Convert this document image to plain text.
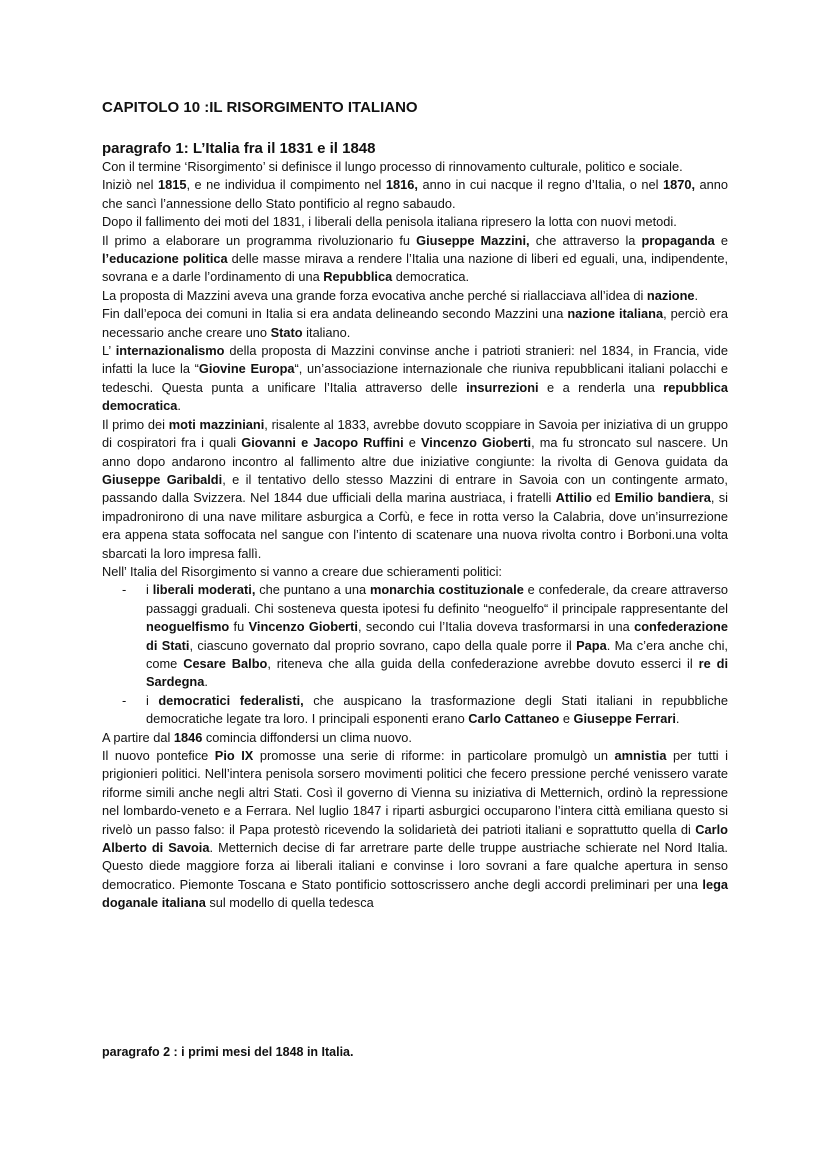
CAPITOLO 10 :IL RISORGIMENTO ITALIANO
paragrafo 1: L’Italia fra il 1831 e il 1848

Con il termine ‘Risorgimento’ si definisce il lungo processo di rinnovamento culturale, politico e sociale.

Iniziò nel 1815, e ne individua il compimento nel 1816, anno in cui nacque il regno d’Italia, o nel 1870, anno che sancì l’annessione dello Stato pontificio al regno sabaudo.

Dopo il fallimento dei moti del 1831, i liberali della penisola italiana ripresero la lotta con nuovi metodi.

Il primo a elaborare un programma rivoluzionario fu Giuseppe Mazzini, che attraverso la propaganda e l’educazione politica delle masse mirava a rendere l’Italia una nazione di liberi ed eguali, una, indipendente, sovrana e a darle l’ordinamento di una Repubblica democratica.

La proposta di Mazzini aveva una grande forza evocativa anche perché si riallacciava all’idea di nazione.

Fin dall’epoca dei comuni in Italia si era andata delineando secondo Mazzini una nazione italiana, perciò era necessario anche creare uno Stato italiano.

L’ internazionalismo della proposta di Mazzini convinse anche i patrioti stranieri: nel 1834, in Francia, vide infatti la luce la “Giovine Europa“, un’associazione internazionale che riuniva repubblicani italiani polacchi e tedeschi. Questa punta a unificare l’Italia attraverso delle insurrezioni e a renderla una repubblica democratica.

Il primo dei moti mazziniani, risalente al 1833, avrebbe dovuto scoppiare in Savoia per iniziativa di un gruppo di cospiratori fra i quali Giovanni e Jacopo Ruffini e Vincenzo Gioberti, ma fu stroncato sul nascere. Un anno dopo andarono incontro al fallimento altre due iniziative congiunte: la rivolta di Genova guidata da Giuseppe Garibaldi, e il tentativo dello stesso Mazzini di entrare in Savoia con un contingente armato, passando dalla Svizzera. Nel 1844 due ufficiali della marina austriaca, i fratelli Attilio ed Emilio bandiera, si impadronirono di una nave militare asburgica a Corfù, e fece in rotta verso la Calabria, dove un’insurrezione era appena stata soffocata nel sangue con l’intento di scatenare una nuova rivolta contro i Borboni.una volta sbarcati la loro impresa fallì.

Nell’ Italia del Risorgimento si vanno a creare due schieramenti politici:

- i liberali moderati, che puntano a una monarchia costituzionale e confederale, da creare attraverso passaggi graduali. Chi sosteneva questa ipotesi fu definito “neoguelfo“ il principale rappresentante del neoguelfismo fu Vincenzo Gioberti, secondo cui l’Italia doveva trasformarsi in una confederazione di Stati, ciascuno governato dal proprio sovrano, capo della quale porre il Papa. Ma c’era anche chi, come Cesare Balbo, riteneva che alla guida della confederazione avrebbe dovuto esserci il re di Sardegna.
- i democratici federalisti, che auspicano la trasformazione degli Stati italiani in repubbliche democratiche legate tra loro. I principali esponenti erano Carlo Cattaneo e Giuseppe Ferrari.

A partire dal 1846 comincia diffondersi un clima nuovo.

Il nuovo pontefice Pio IX promosse una serie di riforme: in particolare promulgò un amnistia per tutti i prigionieri politici. Nell’intera penisola sorsero movimenti politici che fecero pressione perché venissero varate riforme simili anche negli altri Stati. Così il governo di Vienna su iniziativa di Metternich, ordinò la repressione nel lombardo-veneto e a Ferrara. Nel luglio 1847 i riparti asburgici occuparono l’intera città emiliana questo si rivelò un passo falso: il Papa protestò ricevendo la solidarietà dei patrioti italiani e soprattutto quella di Carlo Alberto di Savoia. Metternich decise di far arretrare parte delle truppe austriache schierate nel Nord Italia. Questo diede maggiore forza ai liberali italiani e convinse i loro sovrani a fare qualche apertura in senso democratico. Piemonte Toscana e Stato pontificio sottoscrissero anche degli accordi preliminari per una lega doganale italiana sul modello di quella tedesca

paragrafo 2 : i primi mesi del 1848 in Italia.
